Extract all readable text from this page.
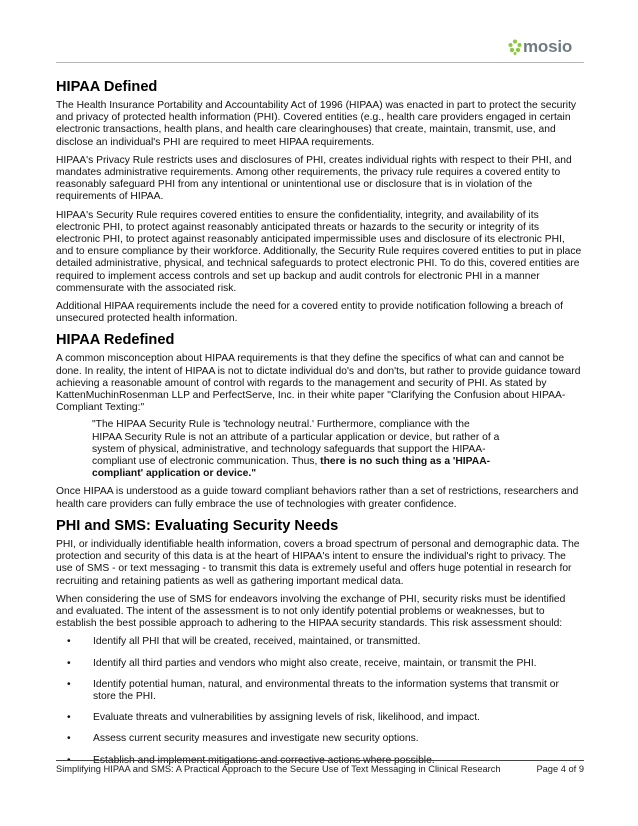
mosio
HIPAA Defined

The Health Insurance Portability and Accountability Act of 1996 (HIPAA) was enacted in part to protect the security and privacy of protected health information (PHI). Covered entities (e.g., health care providers engaged in certain electronic transactions, health plans, and health care clearinghouses) that create, maintain, transmit, use, and disclose an individual's PHI are required to meet HIPAA requirements.

HIPAA's Privacy Rule restricts uses and disclosures of PHI, creates individual rights with respect to their PHI, and mandates administrative requirements. Among other requirements, the privacy rule requires a covered entity to reasonably safeguard PHI from any intentional or unintentional use or disclosure that is in violation of the requirements of HIPAA.

HIPAA's Security Rule requires covered entities to ensure the confidentiality, integrity, and availability of its electronic PHI, to protect against reasonably anticipated threats or hazards to the security or integrity of its electronic PHI, to protect against reasonably anticipated impermissible uses and disclosure of its electronic PHI, and to ensure compliance by their workforce. Additionally, the Security Rule requires covered entities to put in place detailed administrative, physical, and technical safeguards to protect electronic PHI. To do this, covered entities are required to implement access controls and set up backup and audit controls for electronic PHI in a manner commensurate with the associated risk.

Additional HIPAA requirements include the need for a covered entity to provide notification following a breach of unsecured protected health information.

HIPAA Redefined

A common misconception about HIPAA requirements is that they define the specifics of what can and cannot be done. In reality, the intent of HIPAA is not to dictate individual do's and don'ts, but rather to provide guidance toward achieving a reasonable amount of control with regards to the management and security of PHI. As stated by KattenMuchinRosenman LLP and PerfectServe, Inc. in their white paper "Clarifying the Confusion about HIPAA-Compliant Texting:"

"The HIPAA Security Rule is 'technology neutral.' Furthermore, compliance with the HIPAA Security Rule is not an attribute of a particular application or device, but rather of a system of physical, administrative, and technology safeguards that support the HIPAA-compliant use of electronic communication. Thus, there is no such thing as a 'HIPAA-compliant' application or device."

Once HIPAA is understood as a guide toward compliant behaviors rather than a set of restrictions, researchers and health care providers can fully embrace the use of technologies with greater confidence.

PHI and SMS: Evaluating Security Needs

PHI, or individually identifiable health information, covers a broad spectrum of personal and demographic data. The protection and security of this data is at the heart of HIPAA's intent to ensure the individual's right to privacy. The use of SMS - or text messaging - to transmit this data is extremely useful and offers huge potential in research for recruiting and retaining patients as well as gathering important medical data.

When considering the use of SMS for endeavors involving the exchange of PHI, security risks must be identified and evaluated. The intent of the assessment is to not only identify potential problems or weaknesses, but to establish the best possible approach to adhering to the HIPAA security standards. This risk assessment should:

• Identify all PHI that will be created, received, maintained, or transmitted.
• Identify all third parties and vendors who might also create, receive, maintain, or transmit the PHI.
• Identify potential human, natural, and environmental threats to the information systems that transmit or store the PHI.
• Evaluate threats and vulnerabilities by assigning levels of risk, likelihood, and impact.
• Assess current security measures and investigate new security options.
• Establish and implement mitigations and corrective actions where possible.
Simplifying HIPAA and SMS: A Practical Approach to the Secure Use of Text Messaging in Clinical Research	Page 4 of 9
